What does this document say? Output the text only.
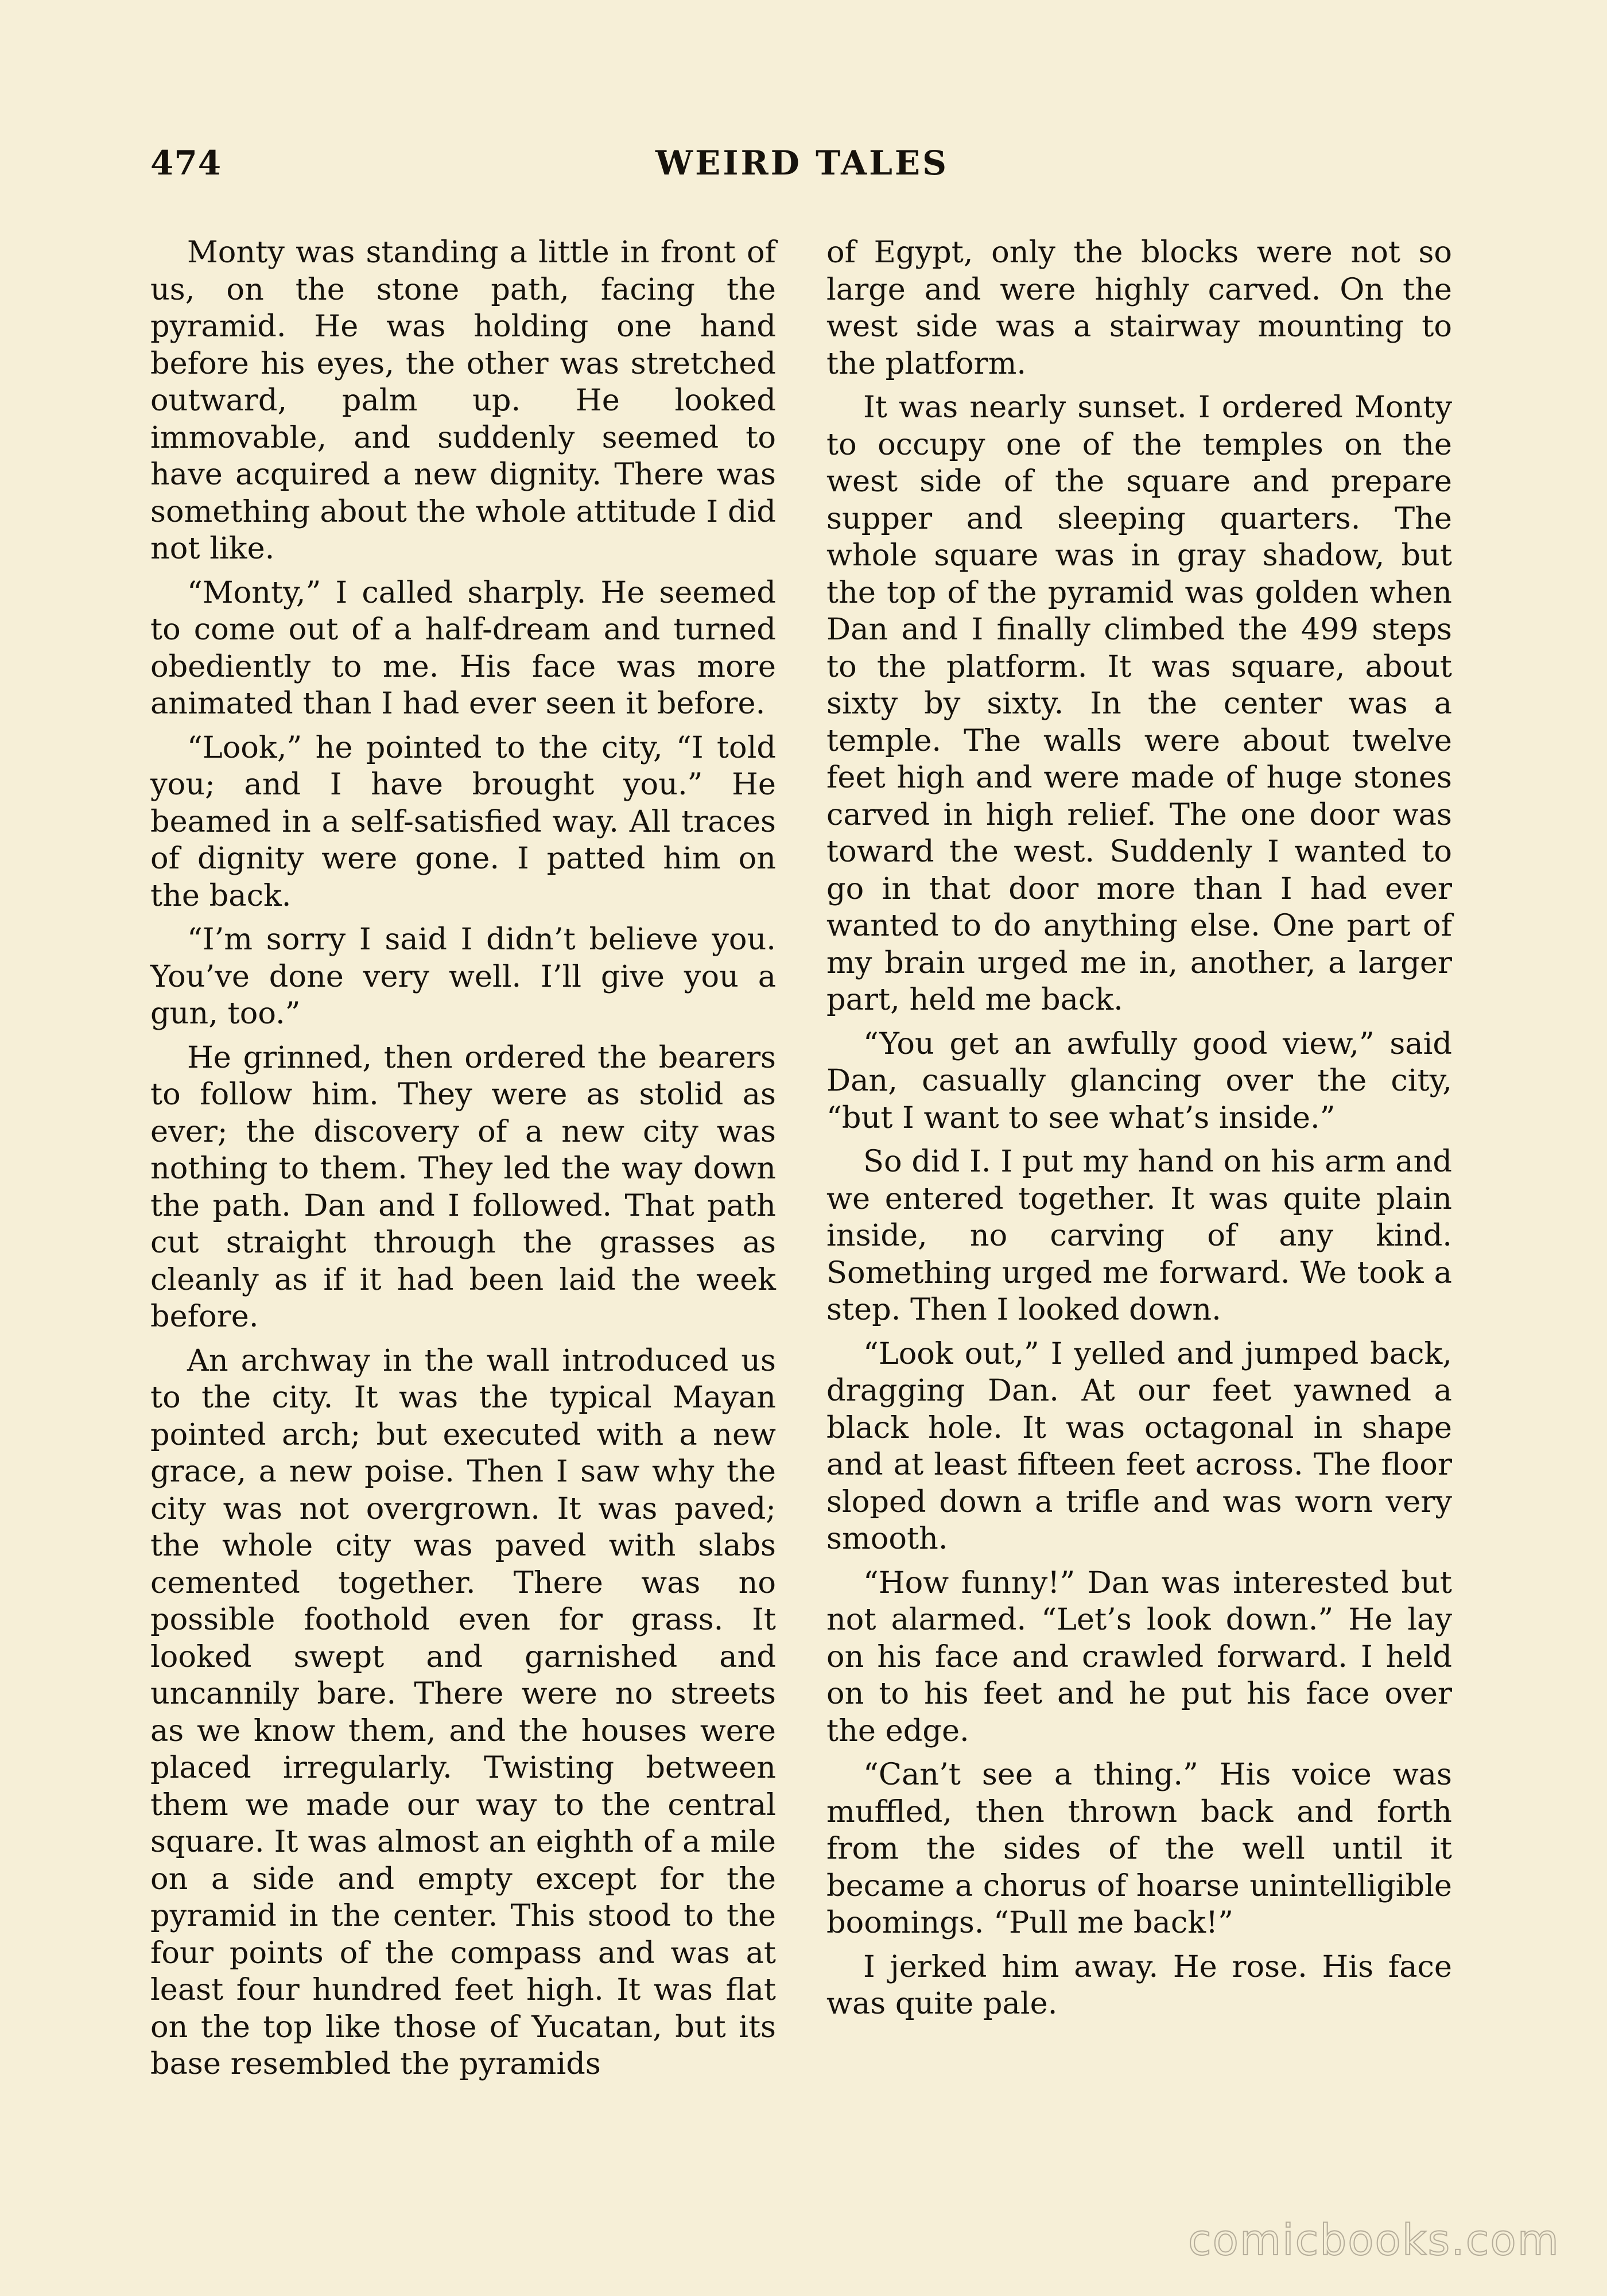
474	WEIRD TALES

Monty was standing a little in front of us, on the stone path, facing the pyramid. He was holding one hand before his eyes, the other was stretched outward, palm up. He looked immovable, and suddenly seemed to have acquired a new dignity. There was something about the whole attitude I did not like.

“Monty,” I called sharply. He seemed to come out of a half-dream and turned obediently to me. His face was more animated than I had ever seen it before.

“Look,” he pointed to the city, “I told you; and I have brought you.” He beamed in a self-satisfied way. All traces of dignity were gone. I patted him on the back.

“I’m sorry I said I didn’t believe you. You’ve done very well. I’ll give you a gun, too.”

He grinned, then ordered the bearers to follow him. They were as stolid as ever; the discovery of a new city was nothing to them. They led the way down the path. Dan and I followed. That path cut straight through the grasses as cleanly as if it had been laid the week before.

An archway in the wall introduced us to the city. It was the typical Mayan pointed arch; but executed with a new grace, a new poise. Then I saw why the city was not overgrown. It was paved; the whole city was paved with slabs cemented together. There was no possible foothold even for grass. It looked swept and garnished and uncannily bare. There were no streets as we know them, and the houses were placed irregularly. Twisting between them we made our way to the central square. It was almost an eighth of a mile on a side and empty except for the pyramid in the center. This stood to the four points of the compass and was at least four hundred feet high. It was flat on the top like those of Yucatan, but its base resembled the pyramids

of Egypt, only the blocks were not so large and were highly carved. On the west side was a stairway mounting to the platform.

It was nearly sunset. I ordered Monty to occupy one of the temples on the west side of the square and prepare supper and sleeping quarters. The whole square was in gray shadow, but the top of the pyramid was golden when Dan and I finally climbed the 499 steps to the platform. It was square, about sixty by sixty. In the center was a temple. The walls were about twelve feet high and were made of huge stones carved in high relief. The one door was toward the west. Suddenly I wanted to go in that door more than I had ever wanted to do anything else. One part of my brain urged me in, another, a larger part, held me back.

“You get an awfully good view,” said Dan, casually glancing over the city, “but I want to see what’s inside.”

So did I. I put my hand on his arm and we entered together. It was quite plain inside, no carving of any kind. Something urged me forward. We took a step. Then I looked down.

“Look out,” I yelled and jumped back, dragging Dan. At our feet yawned a black hole. It was octagonal in shape and at least fifteen feet across. The floor sloped down a trifle and was worn very smooth.

“How funny!” Dan was interested but not alarmed. “Let’s look down.” He lay on his face and crawled forward. I held on to his feet and he put his face over the edge.

“Can’t see a thing.” His voice was muffled, then thrown back and forth from the sides of the well until it became a chorus of hoarse unintelligible boomings. “Pull me back!”

I jerked him away. He rose. His face was quite pale.

comicbooks.com
